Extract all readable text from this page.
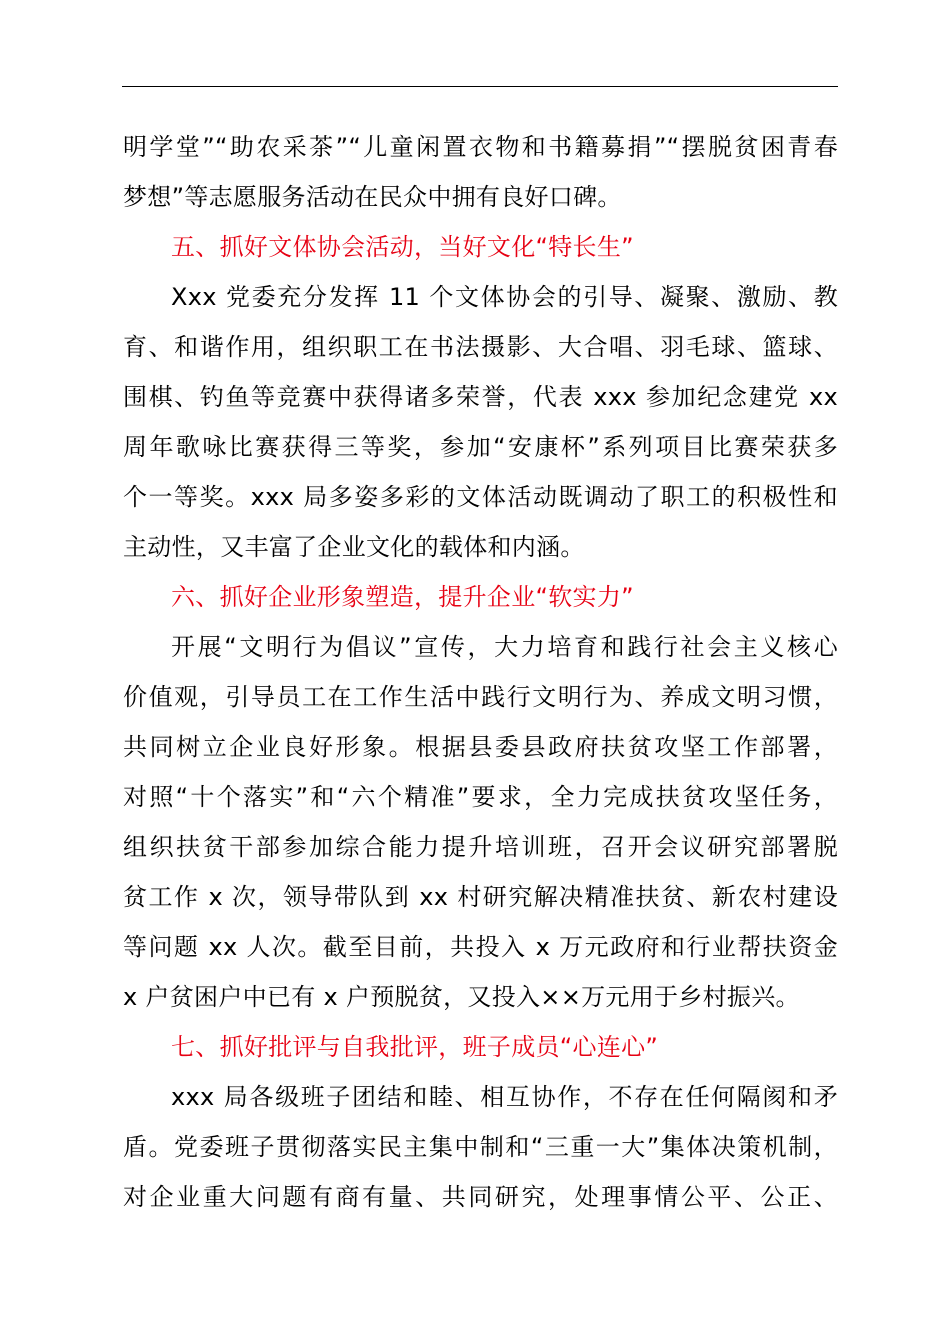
明学堂”“助农采茶”“儿童闲置衣物和书籍募捐”“摆脱贫困青春
梦想”等志愿服务活动在民众中拥有良好口碑。
五、抓好文体协会活动，当好文化“特长生”
Xxx 党委充分发挥 11 个文体协会的引导、凝聚、激励、教
育、和谐作用，组织职工在书法摄影、大合唱、羽毛球、篮球、
围棋、钓鱼等竞赛中获得诸多荣誉，代表 xxx 参加纪念建党 xx
周年歌咏比赛获得三等奖，参加“安康杯”系列项目比赛荣获多
个一等奖。xxx 局多姿多彩的文体活动既调动了职工的积极性和
主动性，又丰富了企业文化的载体和内涵。
六、抓好企业形象塑造，提升企业“软实力”
开展“文明行为倡议”宣传，大力培育和践行社会主义核心
价值观，引导员工在工作生活中践行文明行为、养成文明习惯，
共同树立企业良好形象。根据县委县政府扶贫攻坚工作部署，
对照“十个落实”和“六个精准”要求，全力完成扶贫攻坚任务，
组织扶贫干部参加综合能力提升培训班，召开会议研究部署脱
贫工作 x 次，领导带队到 xx 村研究解决精准扶贫、新农村建设
等问题 xx 人次。截至目前，共投入 x 万元政府和行业帮扶资金
x 户贫困户中已有 x 户预脱贫，又投入××万元用于乡村振兴。
七、抓好批评与自我批评，班子成员“心连心”
xxx 局各级班子团结和睦、相互协作，不存在任何隔阂和矛
盾。党委班子贯彻落实民主集中制和“三重一大”集体决策机制，
对企业重大问题有商有量、共同研究，处理事情公平、公正、
